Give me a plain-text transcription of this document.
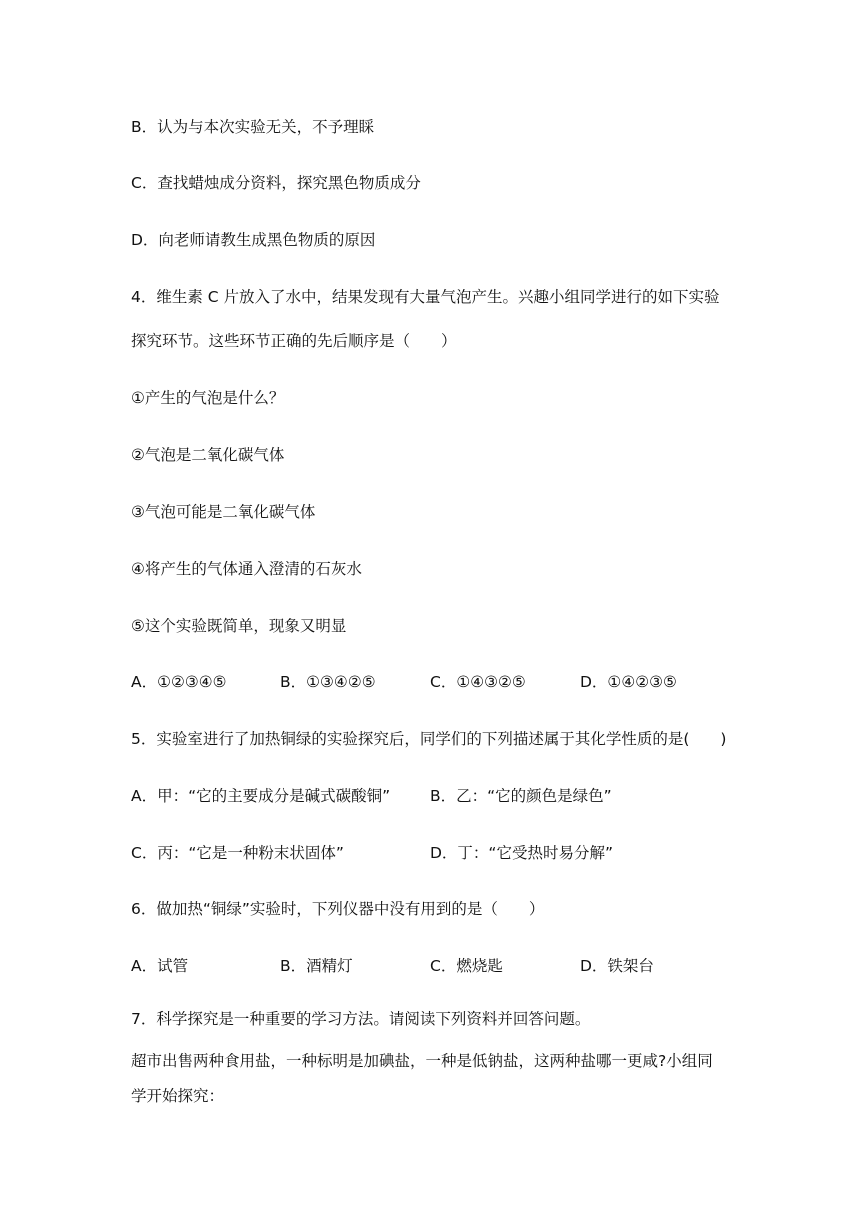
B．认为与本次实验无关，不予理睬
C．查找蜡烛成分资料，探究黑色物质成分
D．向老师请教生成黑色物质的原因
4．维生素 C 片放入了水中，结果发现有大量气泡产生。兴趣小组同学进行的如下实验
探究环节。这些环节正确的先后顺序是（　　）
①产生的气泡是什么？
②气泡是二氧化碳气体
③气泡可能是二氧化碳气体
④将产生的气体通入澄清的石灰水
⑤这个实验既简单，现象又明显
A．①②③④⑤	B．①③④②⑤	C．①④③②⑤	D．①④②③⑤
5．实验室进行了加热铜绿的实验探究后，同学们的下列描述属于其化学性质的是(　　)
A．甲：“它的主要成分是碱式碳酸铜”	B．乙：“它的颜色是绿色”
C．丙：“它是一种粉末状固体”	D．丁：“它受热时易分解”
6．做加热“铜绿”实验时，下列仪器中没有用到的是（　　）
A．试管	B．酒精灯	C．燃烧匙	D．铁架台
7．科学探究是一种重要的学习方法。请阅读下列资料并回答问题。
超市出售两种食用盐，一种标明是加碘盐，一种是低钠盐，这两种盐哪一更咸?小组同
学开始探究：
